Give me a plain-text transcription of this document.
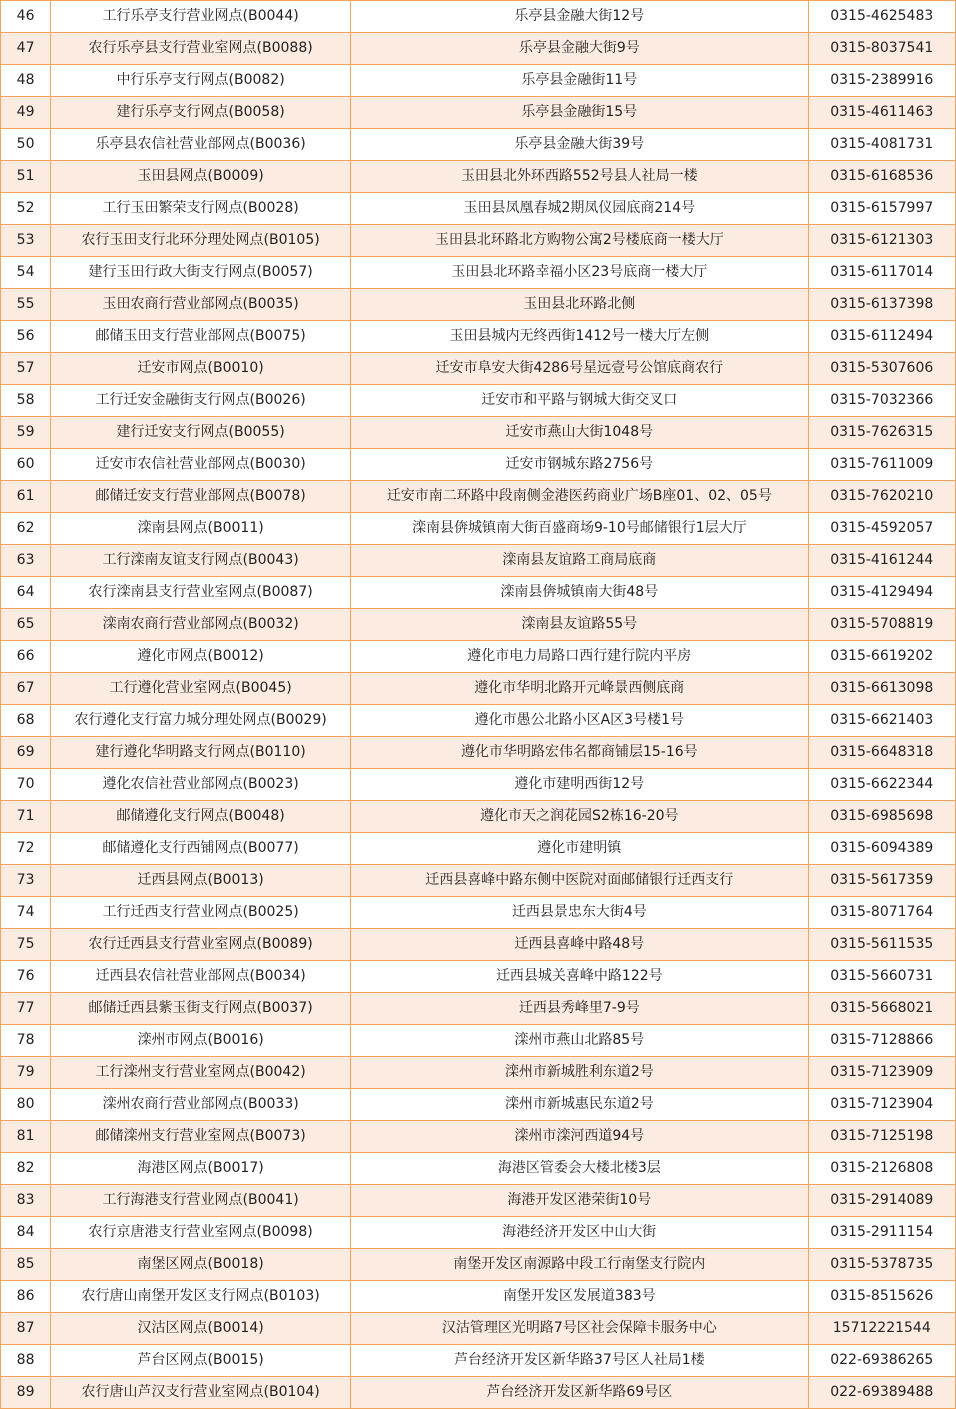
46	工行乐亭支行营业网点(B0044)	乐亭县金融大街12号	0315-4625483
47	农行乐亭县支行营业室网点(B0088)	乐亭县金融大街9号	0315-8037541
48	中行乐亭支行网点(B0082)	乐亭县金融街11号	0315-2389916
49	建行乐亭支行网点(B0058)	乐亭县金融街15号	0315-4611463
50	乐亭县农信社营业部网点(B0036)	乐亭县金融大街39号	0315-4081731
51	玉田县网点(B0009)	玉田县北外环西路552号县人社局一楼	0315-6168536
52	工行玉田繁荣支行网点(B0028)	玉田县凤凰春城2期凤仪园底商214号	0315-6157997
53	农行玉田支行北环分理处网点(B0105)	玉田县北环路北方购物公寓2号楼底商一楼大厅	0315-6121303
54	建行玉田行政大街支行网点(B0057)	玉田县北环路幸福小区23号底商一楼大厅	0315-6117014
55	玉田农商行营业部网点(B0035)	玉田县北环路北侧	0315-6137398
56	邮储玉田支行营业部网点(B0075)	玉田县城内无终西街1412号一楼大厅左侧	0315-6112494
57	迁安市网点(B0010)	迁安市阜安大街4286号星远壹号公馆底商农行	0315-5307606
58	工行迁安金融街支行网点(B0026)	迁安市和平路与钢城大街交叉口	0315-7032366
59	建行迁安支行网点(B0055)	迁安市燕山大街1048号	0315-7626315
60	迁安市农信社营业部网点(B0030)	迁安市钢城东路2756号	0315-7611009
61	邮储迁安支行营业部网点(B0078)	迁安市南二环路中段南侧金港医药商业广场B座01、02、05号	0315-7620210
62	滦南县网点(B0011)	滦南县倴城镇南大街百盛商场9-10号邮储银行1层大厅	0315-4592057
63	工行滦南友谊支行网点(B0043)	滦南县友谊路工商局底商	0315-4161244
64	农行滦南县支行营业室网点(B0087)	滦南县倴城镇南大街48号	0315-4129494
65	滦南农商行营业部网点(B0032)	滦南县友谊路55号	0315-5708819
66	遵化市网点(B0012)	遵化市电力局路口西行建行院内平房	0315-6619202
67	工行遵化营业室网点(B0045)	遵化市华明北路开元峰景西侧底商	0315-6613098
68	农行遵化支行富力城分理处网点(B0029)	遵化市愚公北路小区A区3号楼1号	0315-6621403
69	建行遵化华明路支行网点(B0110)	遵化市华明路宏伟名都商铺层15-16号	0315-6648318
70	遵化农信社营业部网点(B0023)	遵化市建明西街12号	0315-6622344
71	邮储遵化支行网点(B0048)	遵化市天之润花园S2栋16-20号	0315-6985698
72	邮储遵化支行西铺网点(B0077)	遵化市建明镇	0315-6094389
73	迁西县网点(B0013)	迁西县喜峰中路东侧中医院对面邮储银行迁西支行	0315-5617359
74	工行迁西支行营业网点(B0025)	迁西县景忠东大街4号	0315-8071764
75	农行迁西县支行营业室网点(B0089)	迁西县喜峰中路48号	0315-5611535
76	迁西县农信社营业部网点(B0034)	迁西县城关喜峰中路122号	0315-5660731
77	邮储迁西县紫玉街支行网点(B0037)	迁西县秀峰里7-9号	0315-5668021
78	滦州市网点(B0016)	滦州市燕山北路85号	0315-7128866
79	工行滦州支行营业室网点(B0042)	滦州市新城胜利东道2号	0315-7123909
80	滦州农商行营业部网点(B0033)	滦州市新城惠民东道2号	0315-7123904
81	邮储滦州支行营业室网点(B0073)	滦州市滦河西道94号	0315-7125198
82	海港区网点(B0017)	海港区管委会大楼北楼3层	0315-2126808
83	工行海港支行营业网点(B0041)	海港开发区港荣街10号	0315-2914089
84	农行京唐港支行营业室网点(B0098)	海港经济开发区中山大街	0315-2911154
85	南堡区网点(B0018)	南堡开发区南源路中段工行南堡支行院内	0315-5378735
86	农行唐山南堡开发区支行网点(B0103)	南堡开发区发展道383号	0315-8515626
87	汉沽区网点(B0014)	汉沽管理区光明路7号区社会保障卡服务中心	15712221544
88	芦台区网点(B0015)	芦台经济开发区新华路37号区人社局1楼	022-69386265
89	农行唐山芦汉支行营业室网点(B0104)	芦台经济开发区新华路69号区	022-69389488
